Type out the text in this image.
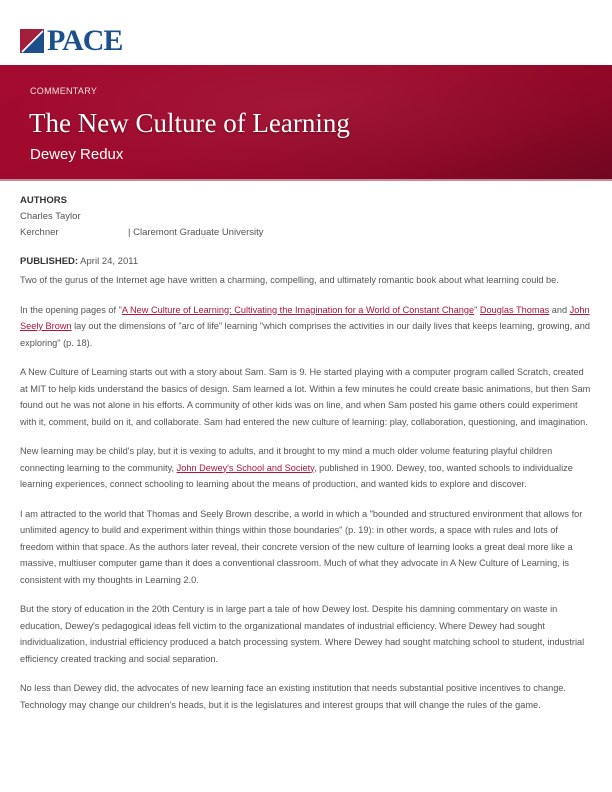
PACE
COMMENTARY
The New Culture of Learning
Dewey Redux
AUTHORS
Charles Taylor
Kerchner	| Claremont Graduate University
PUBLISHED: April 24, 2011

Two of the gurus of the Internet age have written a charming, compelling, and ultimately romantic book about what learning could be.

In the opening pages of "A New Culture of Learning: Cultivating the Imagination for a World of Constant Change" Douglas Thomas and John Seely Brown lay out the dimensions of "arc of life" learning "which comprises the activities in our daily lives that keeps learning, growing, and exploring" (p. 18).

A New Culture of Learning starts out with a story about Sam. Sam is 9. He started playing with a computer program called Scratch, created at MIT to help kids understand the basics of design. Sam learned a lot. Within a few minutes he could create basic animations, but then Sam found out he was not alone in his efforts. A community of other kids was on line, and when Sam posted his game others could experiment with it, comment, build on it, and collaborate. Sam had entered the new culture of learning: play, collaboration, questioning, and imagination.

New learning may be child's play, but it is vexing to adults, and it brought to my mind a much older volume featuring playful children connecting learning to the community, John Dewey's School and Society, published in 1900. Dewey, too, wanted schools to individualize learning experiences, connect schooling to learning about the means of production, and wanted kids to explore and discover.

I am attracted to the world that Thomas and Seely Brown describe, a world in which a "bounded and structured environment that allows for unlimited agency to build and experiment within things within those boundaries" (p. 19): in other words, a space with rules and lots of freedom within that space. As the authors later reveal, their concrete version of the new culture of learning looks a great deal more like a massive, multiuser computer game than it does a conventional classroom. Much of what they advocate in A New Culture of Learning, is consistent with my thoughts in Learning 2.0.

But the story of education in the 20th Century is in large part a tale of how Dewey lost. Despite his damning commentary on waste in education, Dewey's pedagogical ideas fell victim to the organizational mandates of industrial efficiency. Where Dewey had sought individualization, industrial efficiency produced a batch processing system. Where Dewey had sought matching school to student, industrial efficiency created tracking and social separation.

No less than Dewey did, the advocates of new learning face an existing institution that needs substantial positive incentives to change. Technology may change our children's heads, but it is the legislatures and interest groups that will change the rules of the game.
